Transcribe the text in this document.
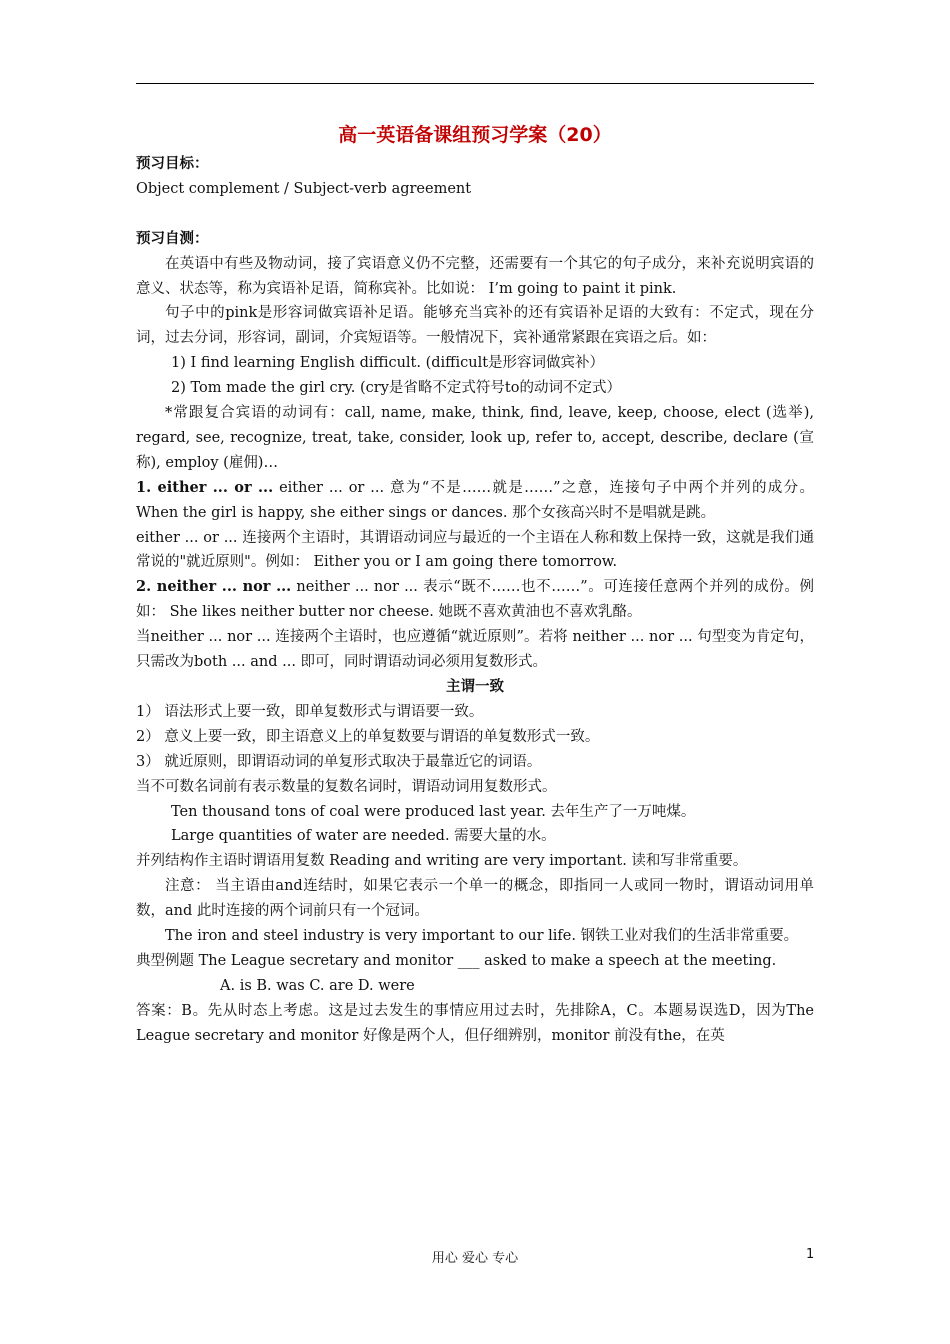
高一英语备课组预习学案（20）
预习目标：
Object complement / Subject-verb agreement
预习自测：
在英语中有些及物动词，接了宾语意义仍不完整，还需要有一个其它的句子成分，来补充说明宾语的意义、状态等，称为宾语补足语，简称宾补。比如说： I’m going to paint it pink.
句子中的pink是形容词做宾语补足语。能够充当宾补的还有宾语补足语的大致有：不定式，现在分词，过去分词，形容词，副词，介宾短语等。一般情况下，宾补通常紧跟在宾语之后。如：
1) I find learning English difficult. (difficult是形容词做宾补）
2) Tom made the girl cry. (cry是省略不定式符号to的动词不定式）
*常跟复合宾语的动词有：call, name, make, think, find, leave, keep, choose, elect (选举), regard, see, recognize, treat, take, consider, look up, refer to, accept, describe, declare (宣称), employ (雇佣)…
1. either ... or ... either ... or ... 意为“不是……就是……”之意，连接句子中两个并列的成分。 When the girl is happy, she either sings or dances. 那个女孩高兴时不是唱就是跳。
either ... or ... 连接两个主语时，其谓语动词应与最近的一个主语在人称和数上保持一致，这就是我们通常说的"就近原则"。例如： Either you or I am going there tomorrow.
2. neither ... nor ... neither ... nor ... 表示“既不……也不……”。可连接任意两个并列的成份。例如： She likes neither butter nor cheese. 她既不喜欢黄油也不喜欢乳酪。
当neither ... nor ... 连接两个主语时，也应遵循“就近原则”。若将 neither ... nor ... 句型变为肯定句，只需改为both ... and ... 即可，同时谓语动词必须用复数形式。
主谓一致
1） 语法形式上要一致，即单复数形式与谓语要一致。
2） 意义上要一致，即主语意义上的单复数要与谓语的单复数形式一致。
3） 就近原则，即谓语动词的单复形式取决于最靠近它的词语。
当不可数名词前有表示数量的复数名词时，谓语动词用复数形式。
Ten thousand tons of coal were produced last year. 去年生产了一万吨煤。
Large quantities of water are needed. 需要大量的水。
并列结构作主语时谓语用复数 Reading and writing are very important. 读和写非常重要。
注意： 当主语由and连结时，如果它表示一个单一的概念，即指同一人或同一物时，谓语动词用单数，and 此时连接的两个词前只有一个冠词。
The iron and steel industry is very important to our life. 钢铁工业对我们的生活非常重要。
典型例题 The League secretary and monitor ___ asked to make a speech at the meeting.
A. is B. was C. are D. were
答案：B。先从时态上考虑。这是过去发生的事情应用过去时，先排除A，C。本题易误选D，因为The League secretary and monitor 好像是两个人，但仔细辨别，monitor 前没有the，在英
用心 爱心 专心	1
